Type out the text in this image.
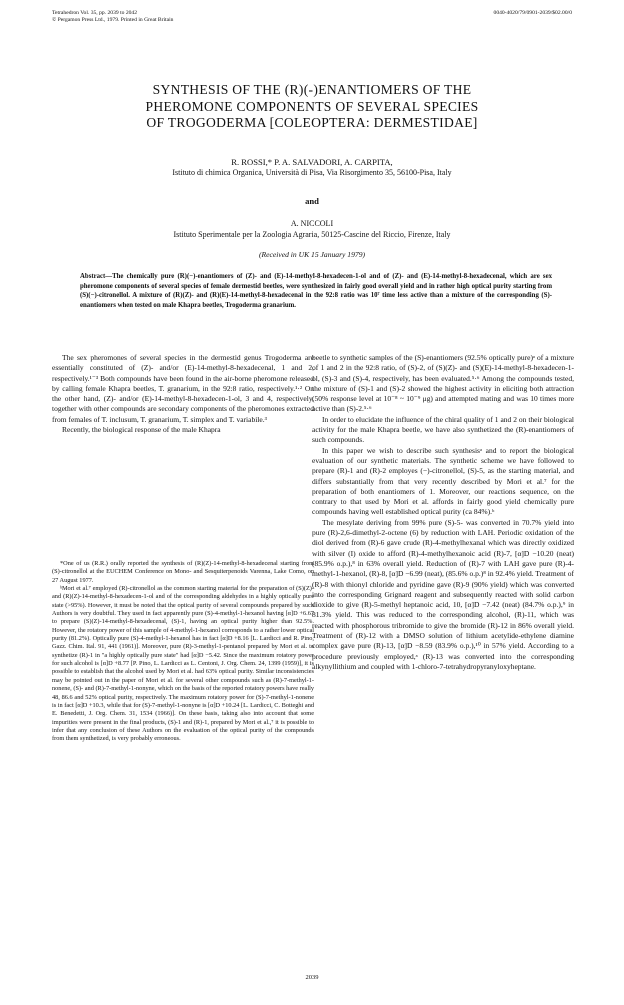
Tetrahedron Vol. 35, pp. 2039 to 2042
© Pergamon Press Ltd., 1979. Printed in Great Britain
0040-4020/79/0901-2039/$02.00/0
SYNTHESIS OF THE (R)(-)ENANTIOMERS OF THE
PHEROMONE COMPONENTS OF SEVERAL SPECIES
OF TROGODERMA [COLEOPTERA: DERMESTIDAE]
R. ROSSI,* P. A. SALVADORI, A. CARPITA,
Istituto di chimica Organica, Università di Pisa, Via Risorgimento 35, 56100-Pisa, Italy
and
A. NICCOLI
Istituto Sperimentale per la Zoologia Agraria, 50125-Cascine del Riccio, Firenze, Italy
(Received in UK 15 January 1979)
Abstract—The chemically pure (R)(−)-enantiomers of (Z)- and (E)-14-methyl-8-hexadecen-1-ol and of (Z)- and (E)-14-methyl-8-hexadecenal, which are sex pheromone components of several species of female dermestid beetles, were synthesized in fairly good overall yield and in rather high optical purity starting from (S)(−)-citronellol. A mixture of (R)(Z)- and (R)(E)-14-methyl-8-hexadecenal in the 92:8 ratio was 10⁷ time less active than a mixture of the corresponding (S)-enantiomers when tested on male Khapra beetles, Trogoderma granarium.

The sex pheromones of several species in the dermestid genus Trogoderma are essentially constituted of (Z)- and/or (E)-14-methyl-8-hexadecenal, 1 and 2, respectively.¹⁻³ Both compounds have been found in the air-borne pheromone released by calling female Khapra beetles, T. granarium, in the 92:8 ratio, respectively.¹·² On the other hand, (Z)- and/or (E)-14-methyl-8-hexadecen-1-ol, 3 and 4, respectively, together with other compounds are secondary components of the pheromones extracted from females of T. inclusum, T. granarium, T. simplex and T. variabile.³

Recently, the biological response of the male Khapra

*One of us (R.R.) orally reported the synthesis of (R)(Z)-14-methyl-8-hexadecenal starting from (S)-citronellol at the EUCHEM Conference on Mono- and Sesquiterpenoids Varenna, Lake Como, on 27 August 1977.

ᵇMori et al.⁷ employed (R)-citronellol as the common starting material for the preparation of (S)(Z)- and (R)(Z)-14-methyl-8-hexadecen-1-ol and of the corresponding aldehydes in a highly optically pure state (>95%). However, it must be noted that the optical purity of several compounds prepared by such Authors is very doubtful. They used in fact apparently pure (S)-4-methyl-1-hexanol having [α]D +6.67 to prepare (S)(Z)-14-methyl-8-hexadecenal, (S)-1, having an optical purity higher than 92.5%. However, the rotatory power of this sample of 4-methyl-1-hexanol corresponds to a rather lower optical purity (81.2%). Optically pure (S)-4-methyl-1-hexanol has in fact [α]D +8.16 [L. Lardicci and R. Pino, Gazz. Chim. Ital. 91, 441 (1961)]. Moreover, pure (R)-3-methyl-1-pentanol prepared by Mori et al. to synthetize (R)-1 in "a highly optically pure state" had [α]D −5.42. Since the maximum rotatory power for such alcohol is [α]D +8.77 [P. Pino, L. Lardicci as L. Centoni, J. Org. Chem. 24, 1399 (1959)], it is possible to establish that the alcohol used by Mori et al. had 63% optical purity. Similar inconsistencies may be pointed out in the paper of Mori et al. for several other compounds such as (R)-7-methyl-1-nonene, (S)- and (R)-7-methyl-1-nonyne, which on the basis of the reported rotatory powers have really 48, 86.6 and 52% optical purity, respectively. The maximum rotatory power for (S)-7-methyl-1-nonene is in fact [α]D +10.3, while that for (S)-7-methyl-1-nonyne is [α]D +10.24 [L. Lardicci, C. Botteghi and E. Benedetti, J. Org. Chem. 31, 1534 (1966)]. On these basis, taking also into account that some impurities were present in the final products, (S)-1 and (R)-1, prepared by Mori et al.,⁷ it is possible to infer that any conclusion of these Authors on the evaluation of the optical purity of the compounds from them synthetized, is very probably erroneous.

beetle to synthetic samples of the (S)-enantiomers (92.5% optically pure)ᵃ of a mixture of 1 and 2 in the 92:8 ratio, of (S)-2, of (S)(Z)- and (S)(E)-14-methyl-8-hexadecen-1-ol, (S)-3 and (S)-4, respectively, has been evaluated.⁵·⁶ Among the compounds tested, the mixture of (S)-1 and (S)-2 showed the highest activity in eliciting both attraction (50% response level at 10⁻⁸ ~ 10⁻⁹ μg) and attempted mating and was 10 times more active than (S)-2.⁵·⁶

In order to elucidate the influence of the chiral quality of 1 and 2 on their biological activity for the male Khapra beetle, we have also synthetized the (R)-enantiomers of such compounds.

In this paper we wish to describe such synthesisᵃ and to report the biological evaluation of our synthetic materials. The synthetic scheme we have followed to prepare (R)-1 and (R)-2 employes (−)-citronellol, (S)-5, as the starting material, and differs substantially from that very recently described by Mori et al.⁷ for the preparation of both enantiomers of 1. Moreover, our reactions sequence, on the contrary to that used by Mori et al. affords in fairly good yield chemically pure compounds having well established optical purity (ca 84%).ᵇ

The mesylate deriving from 99% pure (S)-5- was converted in 70.7% yield into pure (R)-2,6-dimethyl-2-octene (6) by reduction with LAH. Periodic oxidation of the diol derived from (R)-6 gave crude (R)-4-methylhexanal which was directly oxidized with silver (I) oxide to afford (R)-4-methylhexanoic acid (R)-7, [α]D −10.20 (neat) (85.9% o.p.),⁸ in 63% overall yield. Reduction of (R)-7 with LAH gave pure (R)-4-methyl-1-hexanol, (R)-8, [α]D −6.99 (neat), (85.6% o.p.)⁸ in 92.4% yield. Treatment of (R)-8 with thionyl chloride and pyridine gave (R)-9 (90% yield) which was converted into the corresponding Grignard reagent and subsequently reacted with solid carbon dioxide to give (R)-5-methyl heptanoic acid, 10, [α]D −7.42 (neat) (84.7% o.p.),⁹ in 81.3% yield. This was reduced to the corresponding alcohol, (R)-11, which was reacted with phosphorous tribromide to give the bromide (R)-12 in 86% overall yield. Treatment of (R)-12 with a DMSO solution of lithium acetylide-ethylene diamine complex gave pure (R)-13, [α]D −8.59 (83.9% o.p.),¹⁰ in 57% yield. According to a procedure previously employed,ᵃ (R)-13 was converted into the corresponding alkynyllithium and coupled with 1-chloro-7-tetrahydropyranyloxyheptane.

2039
